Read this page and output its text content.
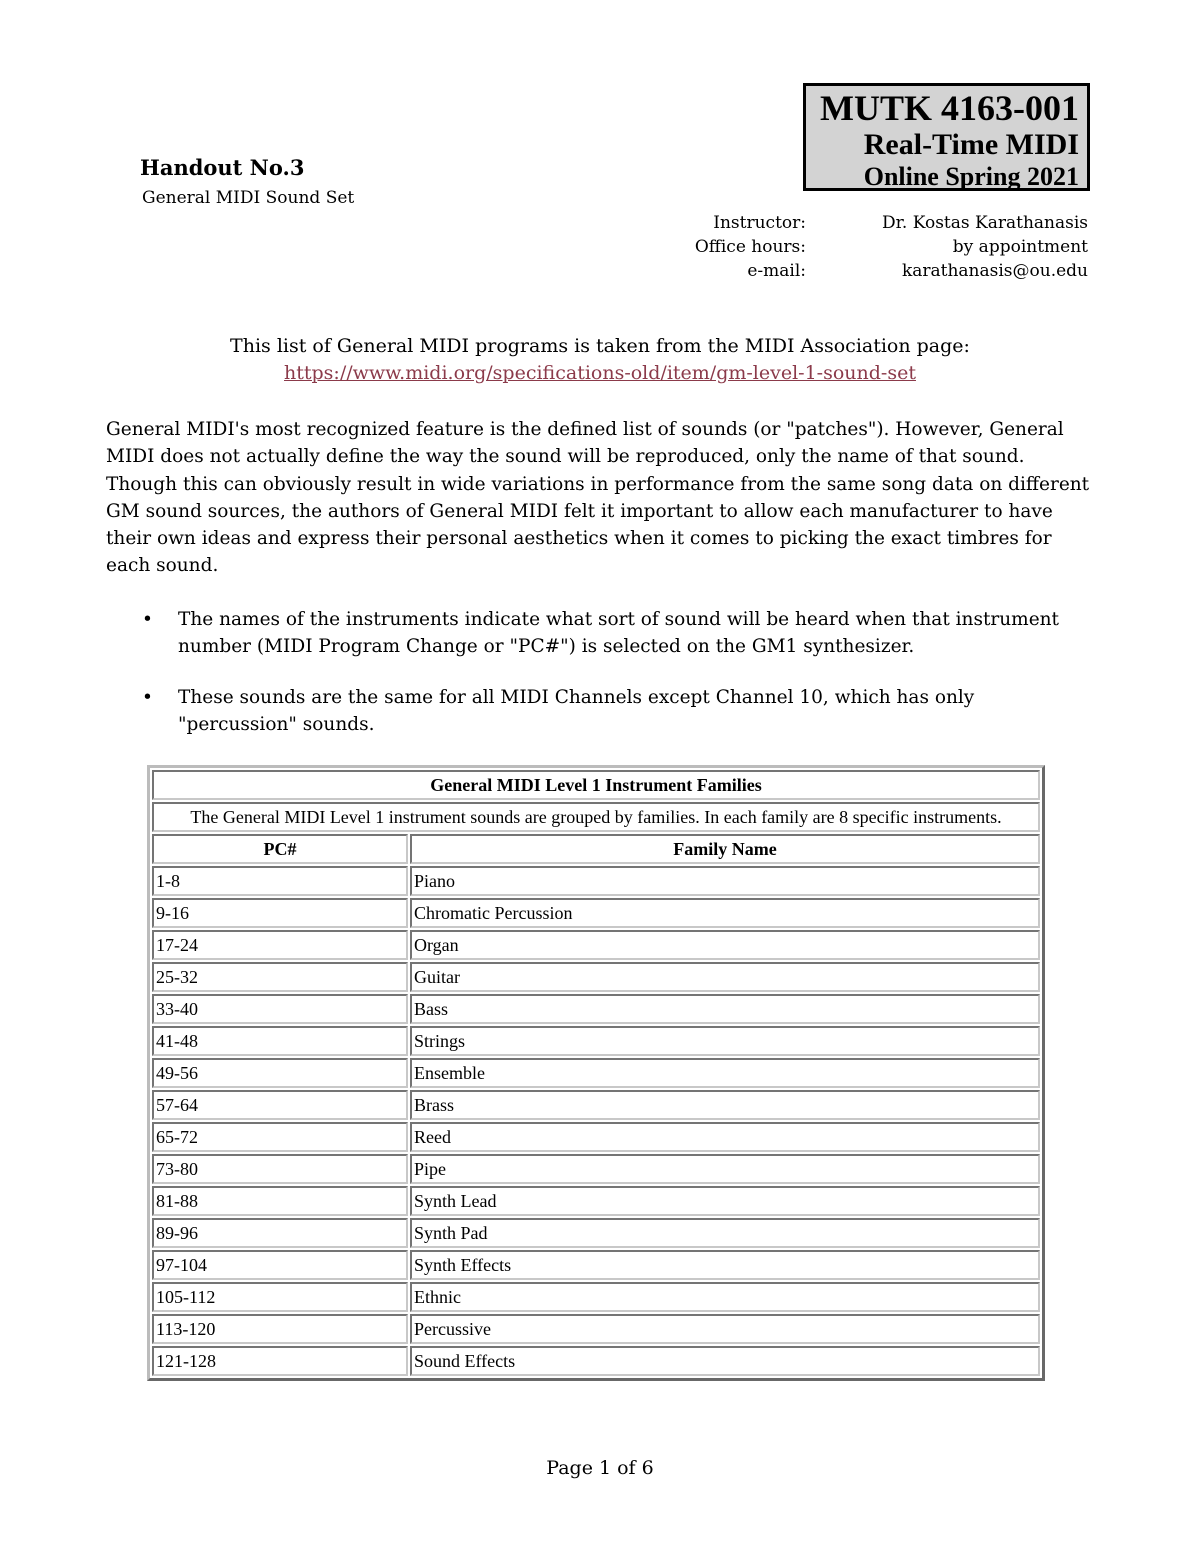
MUTK 4163-001
Real-Time MIDI
Online Spring 2021
Handout No.3
General MIDI Sound Set
Instructor:	Dr. Kostas Karathanasis
Office hours:	by appointment
e-mail:	karathanasis@ou.edu
This list of General MIDI programs is taken from the MIDI Association page:
https://www.midi.org/specifications-old/item/gm-level-1-sound-set

General MIDI's most recognized feature is the defined list of sounds (or "patches"). However, General MIDI does not actually define the way the sound will be reproduced, only the name of that sound. Though this can obviously result in wide variations in performance from the same song data on different GM sound sources, the authors of General MIDI felt it important to allow each manufacturer to have their own ideas and express their personal aesthetics when it comes to picking the exact timbres for each sound.

• The names of the instruments indicate what sort of sound will be heard when that instrument number (MIDI Program Change or "PC#") is selected on the GM1 synthesizer.
• These sounds are the same for all MIDI Channels except Channel 10, which has only "percussion" sounds.
General MIDI Level 1 Instrument Families	
The General MIDI Level 1 instrument sounds are grouped by families. In each family are 8 specific instruments.	
PC#	Family Name
1-8	Piano
9-16	Chromatic Percussion
17-24	Organ
25-32	Guitar
33-40	Bass
41-48	Strings
49-56	Ensemble
57-64	Brass
65-72	Reed
73-80	Pipe
81-88	Synth Lead
89-96	Synth Pad
97-104	Synth Effects
105-112	Ethnic
113-120	Percussive
121-128	Sound Effects
Page 1 of 6
